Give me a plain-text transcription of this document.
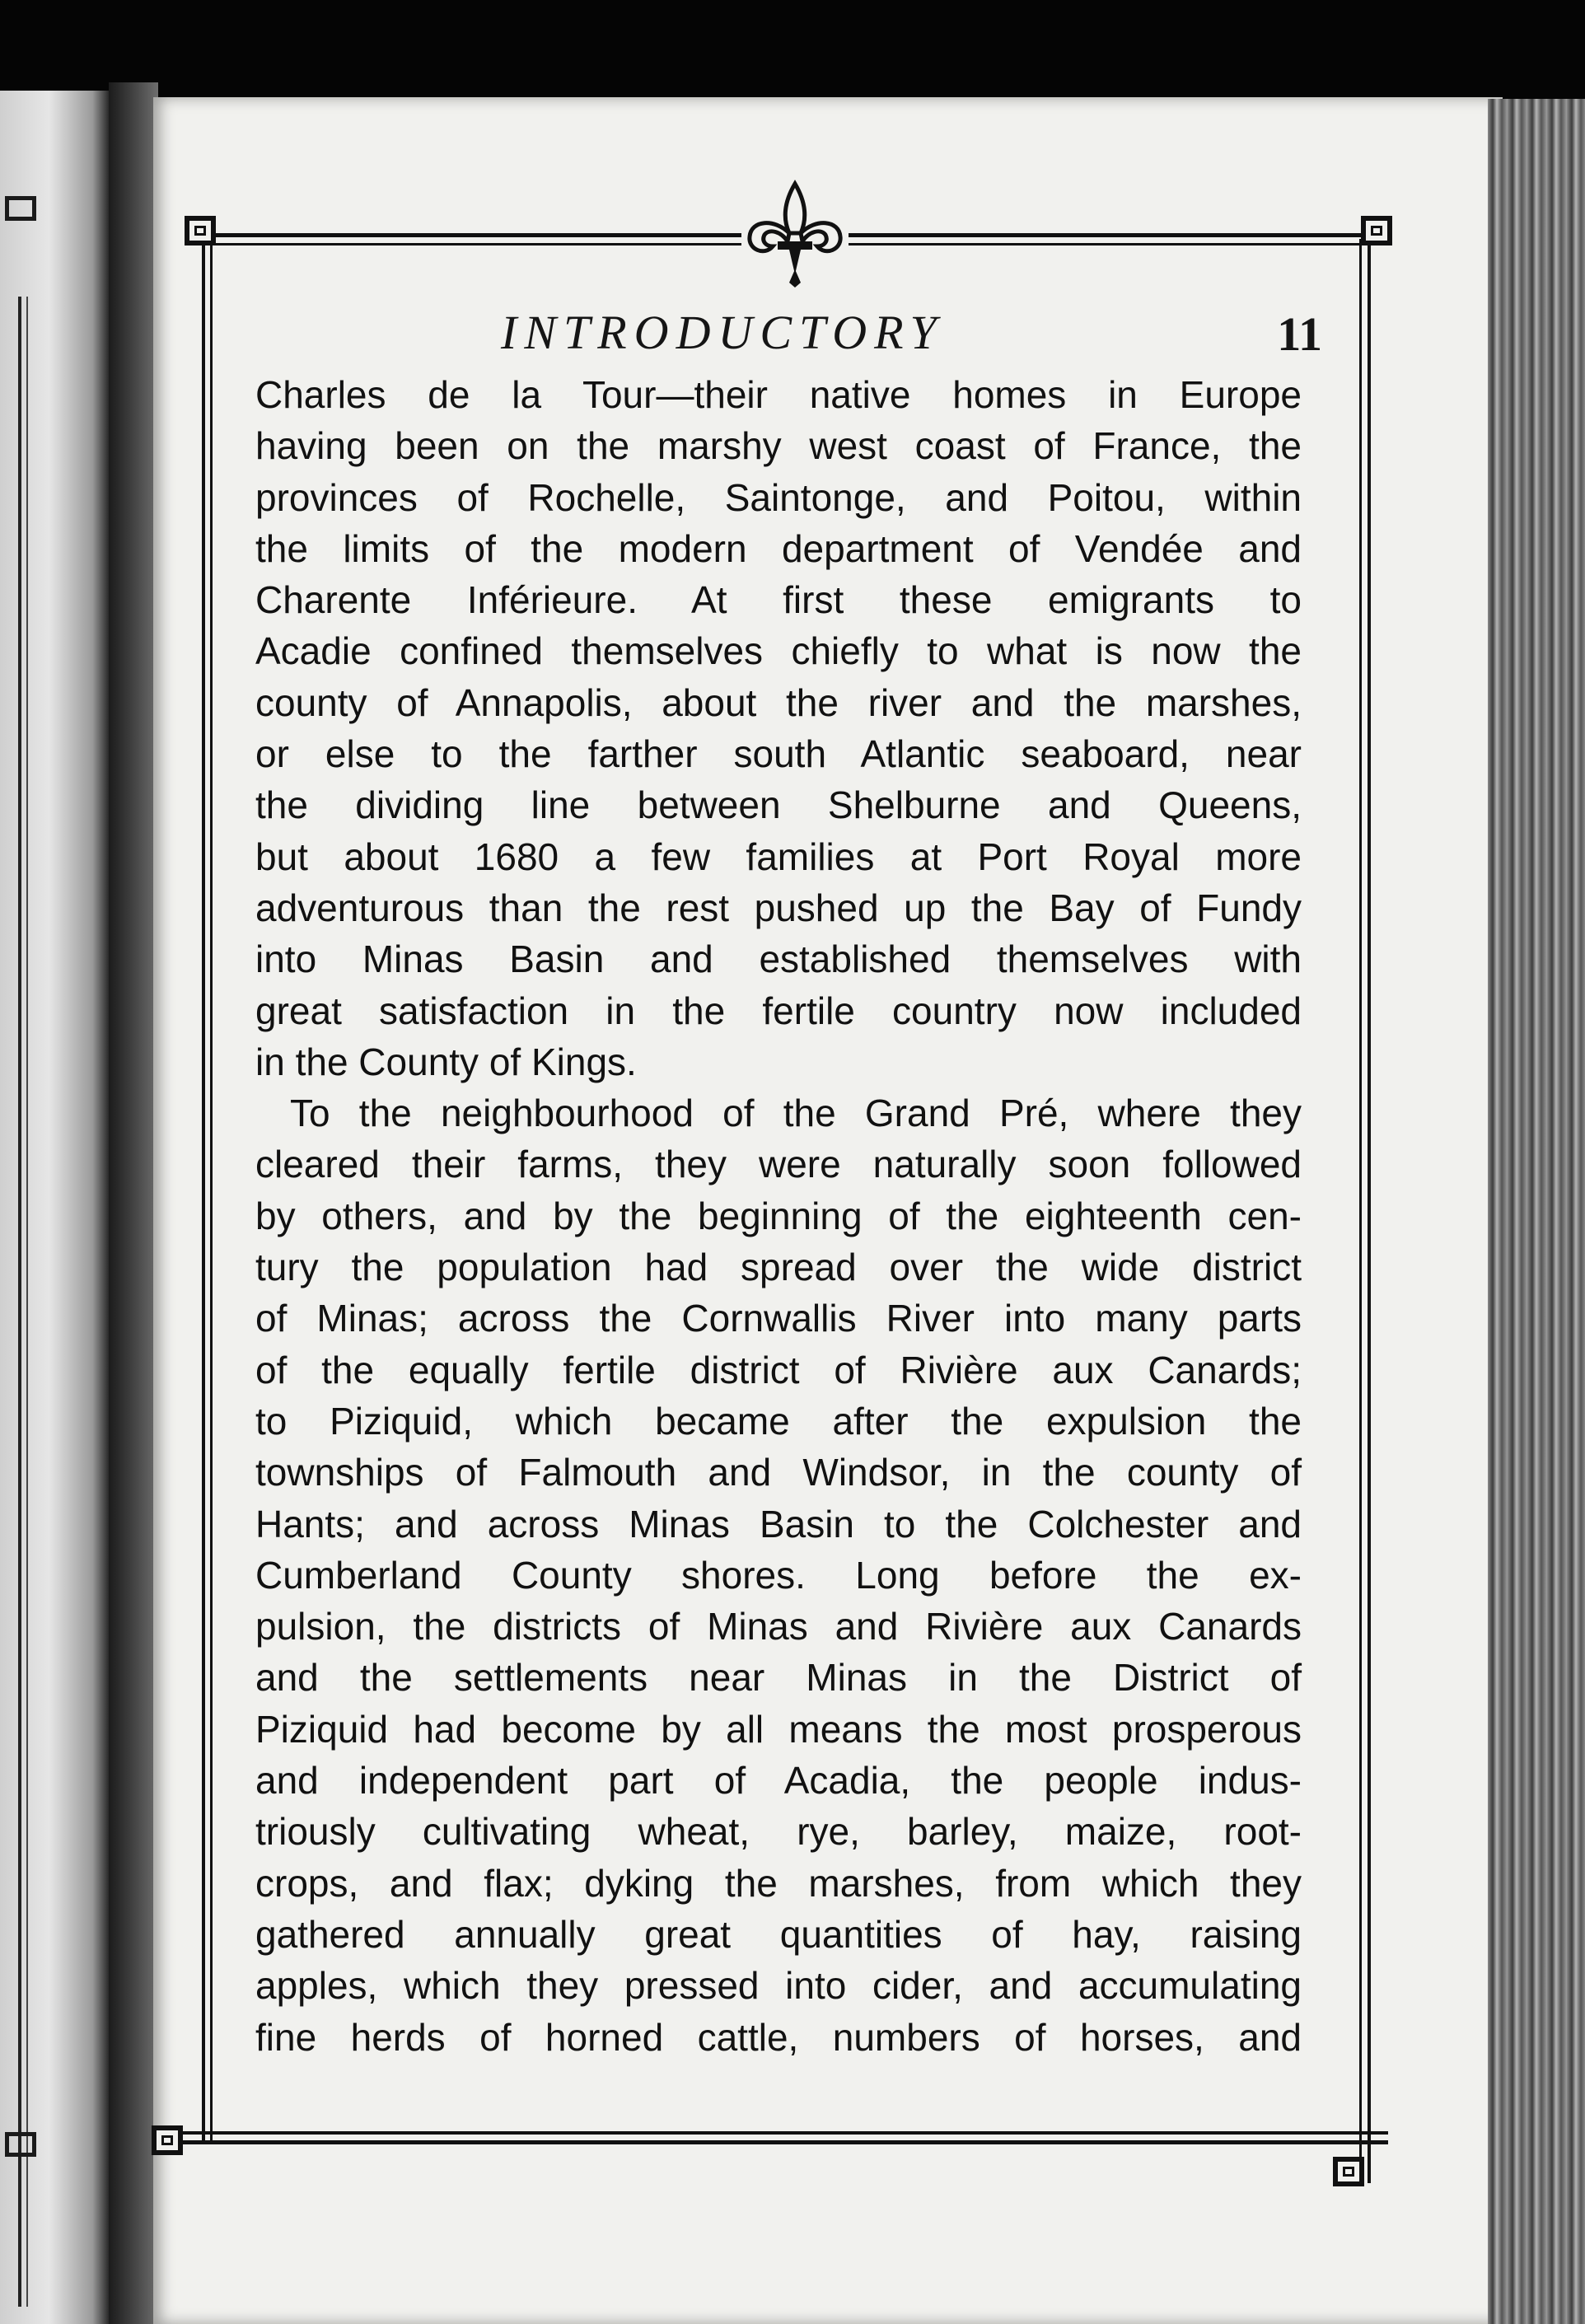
INTRODUCTORY	11
Charles de la Tour—their native homes in Europe
having been on the marshy west coast of France, the
provinces of Rochelle, Saintonge, and Poitou, within
the limits of the modern department of Vendée and
Charente Inférieure. At first these emigrants to
Acadie confined themselves chiefly to what is now the
county of Annapolis, about the river and the marshes,
or else to the farther south Atlantic seaboard, near
the dividing line between Shelburne and Queens,
but about 1680 a few families at Port Royal more
adventurous than the rest pushed up the Bay of Fundy
into Minas Basin and established themselves with
great satisfaction in the fertile country now included
in the County of Kings.
To the neighbourhood of the Grand Pré, where they
cleared their farms, they were naturally soon followed
by others, and by the beginning of the eighteenth cen-
tury the population had spread over the wide district
of Minas; across the Cornwallis River into many parts
of the equally fertile district of Rivière aux Canards;
to Piziquid, which became after the expulsion the
townships of Falmouth and Windsor, in the county of
Hants; and across Minas Basin to the Colchester and
Cumberland County shores. Long before the ex-
pulsion, the districts of Minas and Rivière aux Canards
and the settlements near Minas in the District of
Piziquid had become by all means the most prosperous
and independent part of Acadia, the people indus-
triously cultivating wheat, rye, barley, maize, root-
crops, and flax; dyking the marshes, from which they
gathered annually great quantities of hay, raising
apples, which they pressed into cider, and accumulating
fine herds of horned cattle, numbers of horses, and
